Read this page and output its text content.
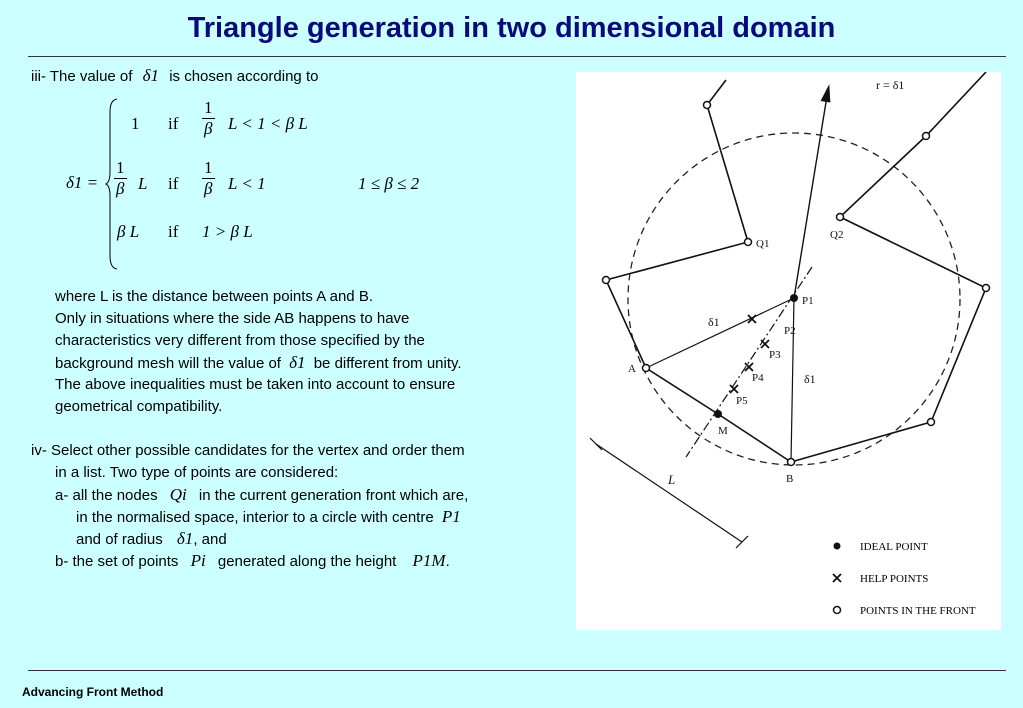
Triangle generation in two dimensional domain
iii- The value of δ1 is chosen according to
δ1 =
1 if $\frac{1}{\beta}$ L < 1 < β L
$\frac{1}{\beta}$ L if $\frac{1}{\beta}$ L < 1	1 ≤ β ≤ 2
β L if 1 > β L
where L is the distance between points A and B.
Only in situations where the side AB happens to have
characteristics very different from those specified by the
background mesh will the value of δ1 be different from unity.
The above inequalities must be taken into account to ensure
geometrical compatibility.
iv- Select other possible candidates for the vertex and order them
in a list. Two type of points are considered:
a- all the nodes Qi in the current generation front which are,
in the normalised space, interior to a circle with centre P1
and of radius δ1, and
b- the set of points Pi generated along the height P1M.
r = δ1
Q1
Q2
P1
P2
P3
P4
P5
A
B
M
L
δ1
δ1
IDEAL POINT
HELP POINTS
POINTS IN THE FRONT
Advancing Front Method
